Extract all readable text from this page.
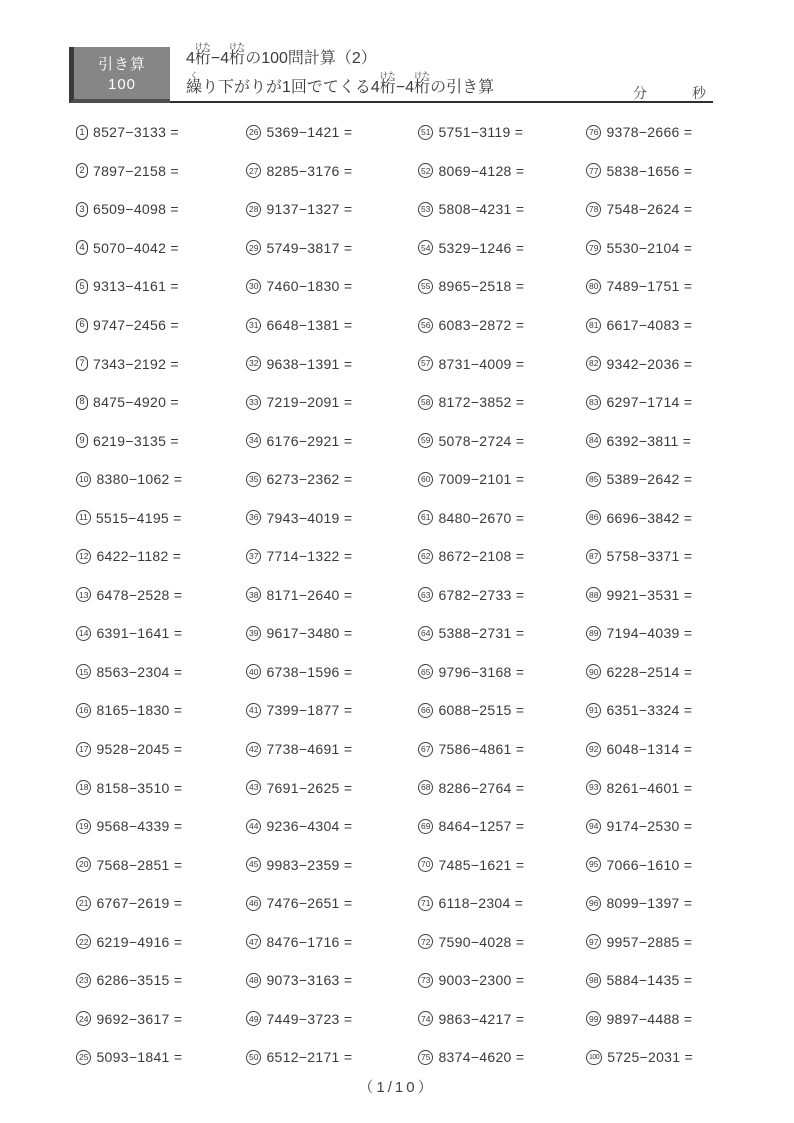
引き算
100
4 桁けた
−4 桁けた
の100問計算（2）
繰く
り下がりが1回でてくる4 桁けた
−4 桁けた
の引き算	分	秒
1 8527−3133 =
2 7897−2158 =
3 6509−4098 =
4 5070−4042 =
5 9313−4161 =
6 9747−2456 =
7 7343−2192 =
8 8475−4920 =
9 6219−3135 =
10 8380−1062 =
11 5515−4195 =
12 6422−1182 =
13 6478−2528 =
14 6391−1641 =
15 8563−2304 =
16 8165−1830 =
17 9528−2045 =
18 8158−3510 =
19 9568−4339 =
20 7568−2851 =
21 6767−2619 =
22 6219−4916 =
23 6286−3515 =
24 9692−3617 =
25 5093−1841 =
26 5369−1421 =
27 8285−3176 =
28 9137−1327 =
29 5749−3817 =
30 7460−1830 =
31 6648−1381 =
32 9638−1391 =
33 7219−2091 =
34 6176−2921 =
35 6273−2362 =
36 7943−4019 =
37 7714−1322 =
38 8171−2640 =
39 9617−3480 =
40 6738−1596 =
41 7399−1877 =
42 7738−4691 =
43 7691−2625 =
44 9236−4304 =
45 9983−2359 =
46 7476−2651 =
47 8476−1716 =
48 9073−3163 =
49 7449−3723 =
50 6512−2171 =
51 5751−3119 =
52 8069−4128 =
53 5808−4231 =
54 5329−1246 =
55 8965−2518 =
56 6083−2872 =
57 8731−4009 =
58 8172−3852 =
59 5078−2724 =
60 7009−2101 =
61 8480−2670 =
62 8672−2108 =
63 6782−2733 =
64 5388−2731 =
65 9796−3168 =
66 6088−2515 =
67 7586−4861 =
68 8286−2764 =
69 8464−1257 =
70 7485−1621 =
71 6118−2304 =
72 7590−4028 =
73 9003−2300 =
74 9863−4217 =
75 8374−4620 =
76 9378−2666 =
77 5838−1656 =
78 7548−2624 =
79 5530−2104 =
80 7489−1751 =
81 6617−4083 =
82 9342−2036 =
83 6297−1714 =
84 6392−3811 =
85 5389−2642 =
86 6696−3842 =
87 5758−3371 =
88 9921−3531 =
89 7194−4039 =
90 6228−2514 =
91 6351−3324 =
92 6048−1314 =
93 8261−4601 =
94 9174−2530 =
95 7066−1610 =
96 8099−1397 =
97 9957−2885 =
98 5884−1435 =
99 9897−4488 =
100 5725−2031 =
（1/10）
